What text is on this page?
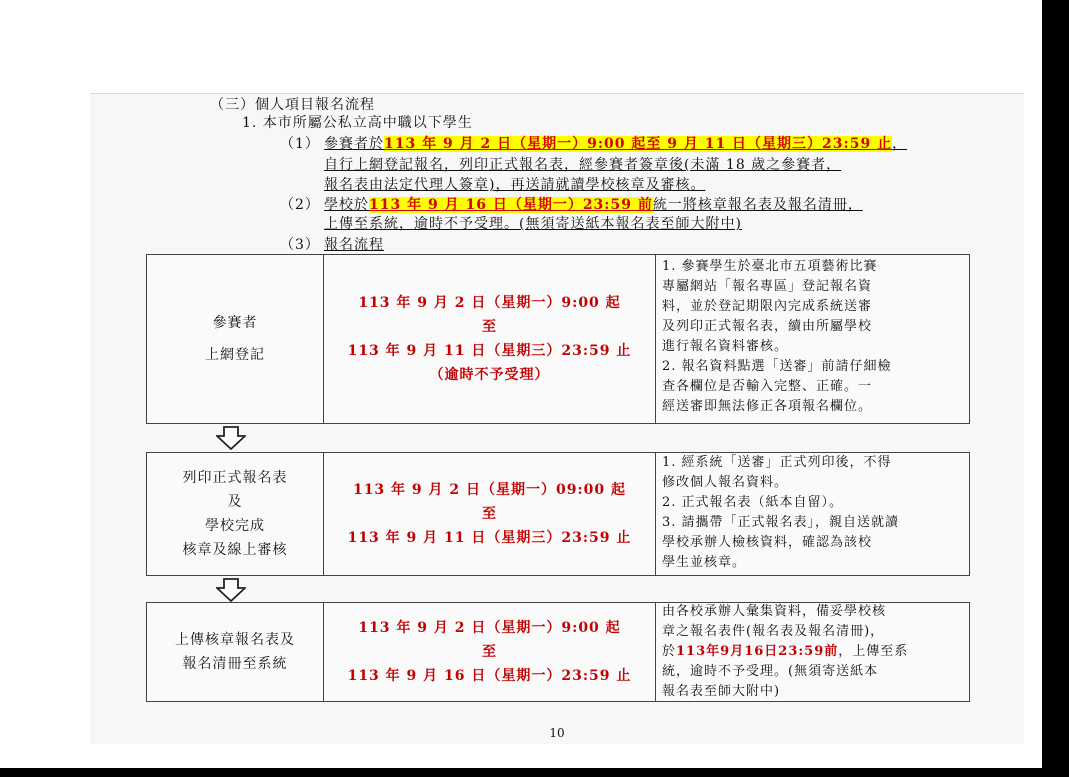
（三）個人項目報名流程
1. 本市所屬公私立高中職以下學生
（1） 參賽者於113 年 9 月 2 日（星期一）9:00 起至 9 月 11 日（星期三）23:59 止，
自行上網登記報名，列印正式報名表，經參賽者簽章後(未滿 18 歲之參賽者，
報名表由法定代理人簽章)，再送請就讀學校核章及審核。
（2） 學校於113 年 9 月 16 日（星期一）23:59 前統一將核章報名表及報名清冊，
上傳至系統，逾時不予受理。(無須寄送紙本報名表至師大附中)
（3） 報名流程
參賽者
上網登記
113 年 9 月 2 日（星期一）9:00 起
至
113 年 9 月 11 日（星期三）23:59 止
（逾時不予受理）
1. 參賽學生於臺北市五項藝術比賽
專屬網站「報名專區」登記報名資
料，並於登記期限內完成系統送審
及列印正式報名表，續由所屬學校
進行報名資料審核。
2. 報名資料點選「送審」前請仔細檢
查各欄位是否輸入完整、正確。一
經送審即無法修正各項報名欄位。
列印正式報名表
及
學校完成
核章及線上審核
113 年 9 月 2 日（星期一）09:00 起
至
113 年 9 月 11 日（星期三）23:59 止
1. 經系統「送審」正式列印後，不得
修改個人報名資料。
2. 正式報名表（紙本自留）。
3. 請攜帶「正式報名表」，親自送就讀
學校承辦人檢核資料，確認為該校
學生並核章。
上傳核章報名表及
報名清冊至系統
113 年 9 月 2 日（星期一）9:00 起
至
113 年 9 月 16 日（星期一）23:59 止
由各校承辦人彙集資料，備妥學校核
章之報名表件(報名表及報名清冊)，
於113年9月16日23:59前，上傳至系
統，逾時不予受理。(無須寄送紙本
報名表至師大附中)
10
